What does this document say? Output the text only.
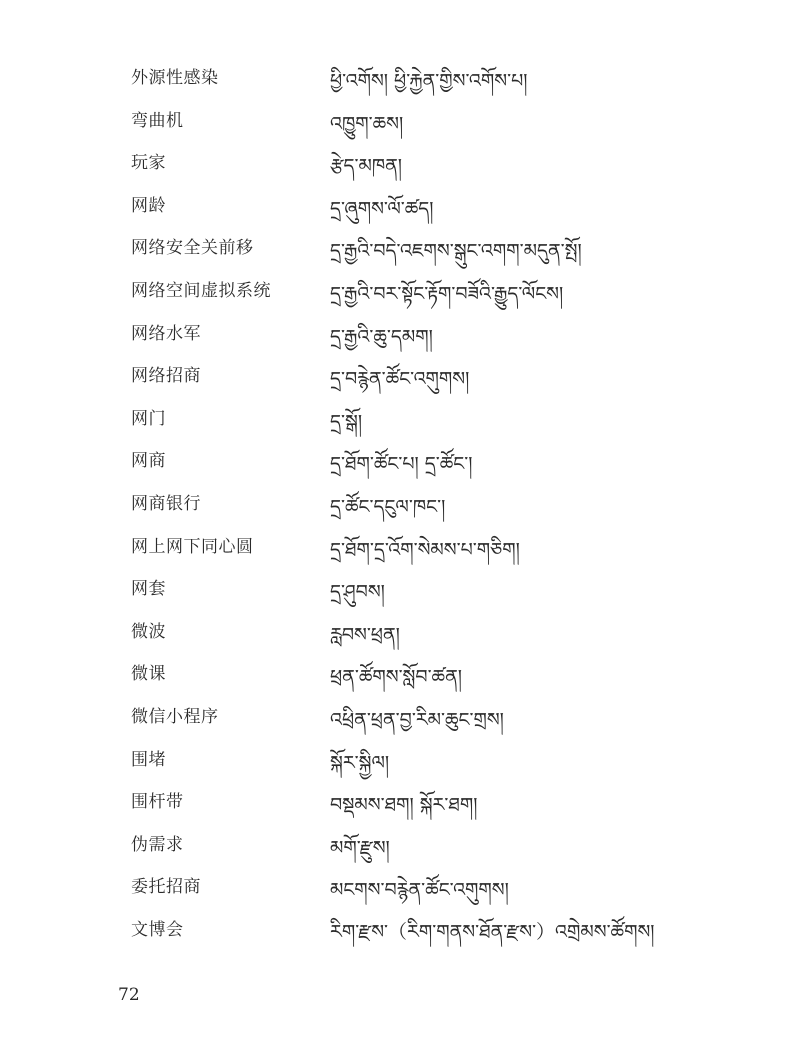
外源性感染	ཕྱི་འགོས། ཕྱི་རྐྱེན་གྱིས་འགོས་པ།
弯曲机	འཁྱུག་ཆས།
玩家	རྩེད་མཁན།
网龄	དྲ་ཞུགས་ལོ་ཚད།
网络安全关前移	དྲ་རྒྱའི་བདེ་འཇགས་སྒུང་འགག་མདུན་སྤོ།
网络空间虚拟系统	དྲ་རྒྱའི་བར་སྟོང་རྟོག་བཟོའི་རྒྱུད་ལོངས།
网络水军	དྲ་རྒྱའི་ཆུ་དམག།
网络招商	དྲ་བརྙེན་ཚོང་འགུགས།
网门	དྲ་སྒོ།
网商	དྲ་ཐོག་ཚོང་པ། དྲ་ཚོང་།
网商银行	དྲ་ཚོང་དངུལ་ཁང་།
网上网下同心圆	དྲ་ཐོག་དྲ་འོག་སེམས་པ་གཅིག།
网套	དྲ་ཤུབས།
微波	རླབས་ཕྲན།
微课	ཕྲན་ཚོགས་སློབ་ཚན།
微信小程序	འཕྲིན་ཕྲན་བྱ་རིམ་ཆུང་གྲས།
围堵	སྐོར་སྐྱིལ།
围杆带	བསྡམས་ཐག། སྐོར་ཐག།
伪需求	མགོ་རྫུས།
委托招商	མངགས་བརྙེན་ཚོང་འགུགས།
文博会	རིག་རྫས་（རིག་གནས་ཐོན་རྫས་）འགྲེམས་ཚོགས།
72
